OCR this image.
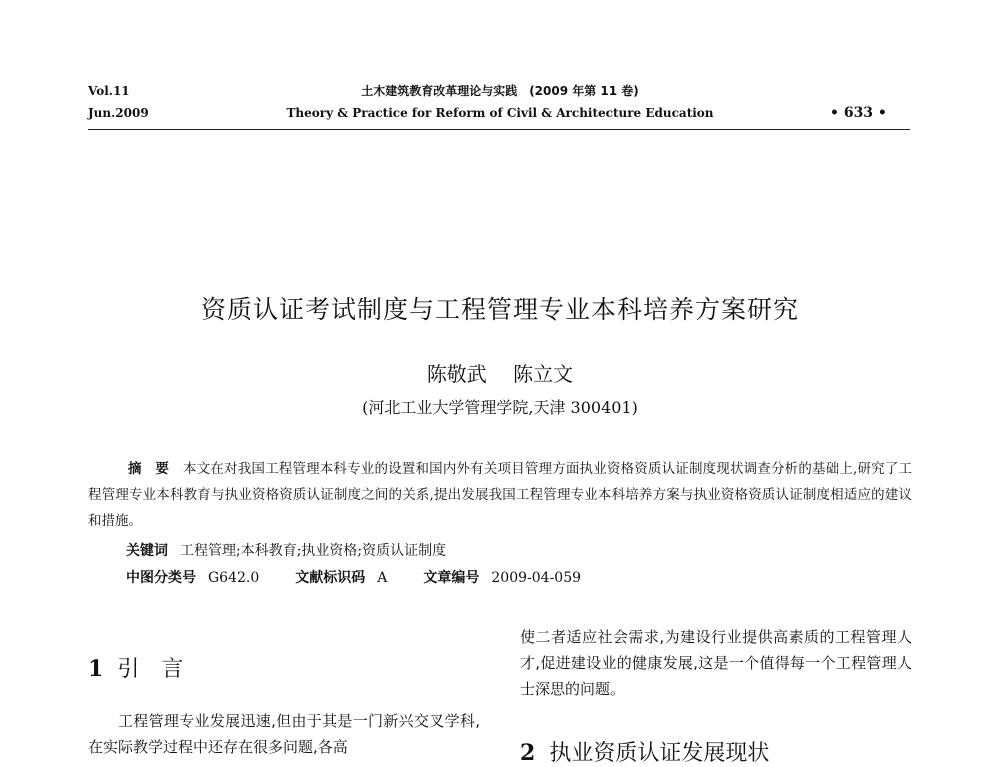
Vol.11
Jun.2009
土木建筑教育改革理论与实践　(2009 年第 11 卷)
Theory & Practice for Reform of Civil & Architecture Education	• 633 •
资质认证考试制度与工程管理专业本科培养方案研究
陈敬武 陈立文
(河北工业大学管理学院,天津 300401)
摘　要 本文在对我国工程管理本科专业的设置和国内外有关项目管理方面执业资格资质认证制度现状调查分析的基础上,研究了工程管理专业本科教育与执业资格资质认证制度之间的关系,提出发展我国工程管理专业本科培养方案与执业资格资质认证制度相适应的建议和措施。
关键词 工程管理;本科教育;执业资格;资质认证制度
中图分类号 G642.0	文献标识码 A	文章编号 2009-04-059
1 引　言
工程管理专业发展迅速,但由于其是一门新兴交叉学科,在实际教学过程中还存在很多问题,各高
使二者适应社会需求,为建设行业提供高素质的工程管理人才,促进建设业的健康发展,这是一个值得每一个工程管理人士深思的问题。
2 执业资质认证发展现状
